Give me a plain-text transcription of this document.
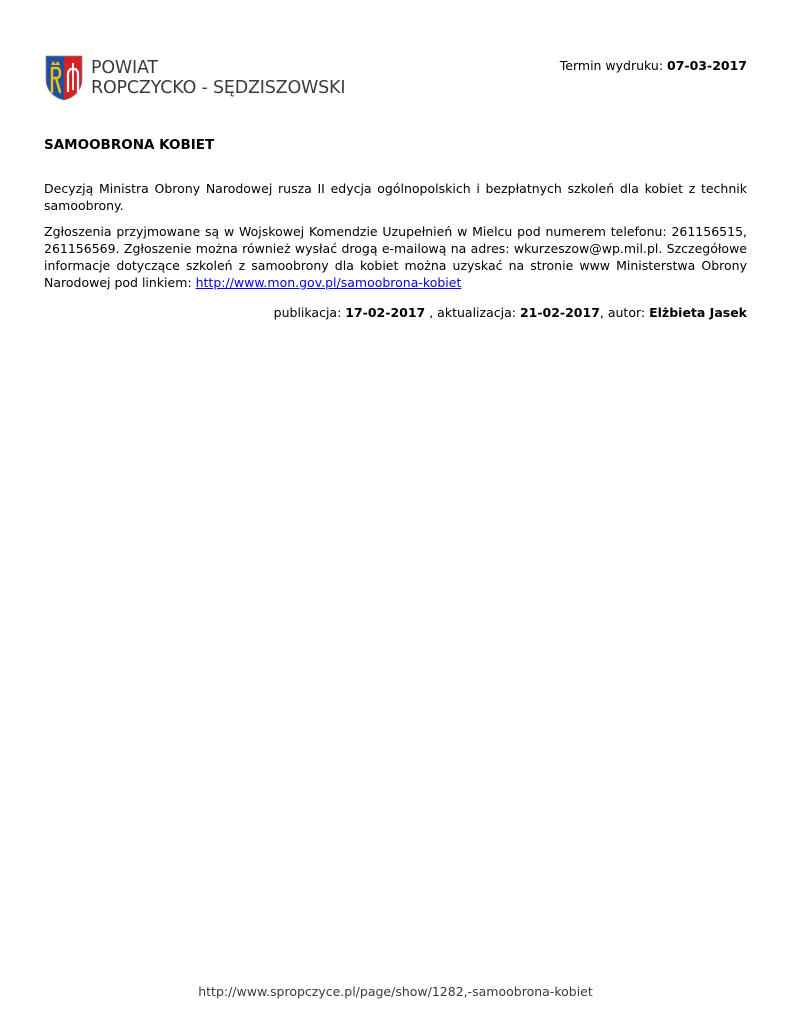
POWIAT
ROPCZYCKO - SĘDZISZOWSKI
Termin wydruku: 07-03-2017
SAMOOBRONA KOBIET

Decyzją Ministra Obrony Narodowej rusza II edycja ogólnopolskich i bezpłatnych szkoleń dla kobiet z technik samoobrony.

Zgłoszenia przyjmowane są w Wojskowej Komendzie Uzupełnień w Mielcu pod numerem telefonu: 261156515, 261156569. Zgłoszenie można również wysłać drogą e-mailową na adres: wkurzeszow@wp.mil.pl. Szczegółowe informacje dotyczące szkoleń z samoobrony dla kobiet można uzyskać na stronie www Ministerstwa Obrony Narodowej pod linkiem: http://www.mon.gov.pl/samoobrona-kobiet

publikacja: 17-02-2017 , aktualizacja: 21-02-2017, autor: Elżbieta Jasek
http://www.spropczyce.pl/page/show/1282,-samoobrona-kobiet
